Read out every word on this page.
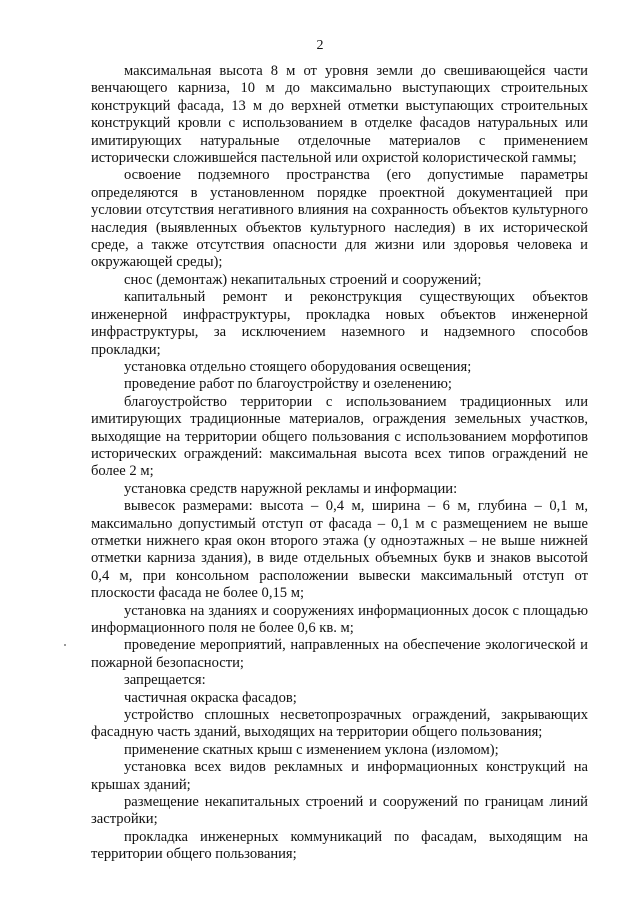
2

максимальная высота 8 м от уровня земли до свешивающейся части венчающего карниза, 10 м до максимально выступающих строительных конструкций фасада, 13 м до верхней отметки выступающих строительных конструкций кровли с использованием в отделке фасадов натуральных или имитирующих натуральные отделочные материалов с применением исторически сложившейся пастельной или охристой колористической гаммы;

освоение подземного пространства (его допустимые параметры определяются в установленном порядке проектной документацией при условии отсутствия негативного влияния на сохранность объектов культурного наследия (выявленных объектов культурного наследия) в их исторической среде, а также отсутствия опасности для жизни или здоровья человека и окружающей среды);

снос (демонтаж) некапитальных строений и сооружений;

капитальный ремонт и реконструкция существующих объектов инженерной инфраструктуры, прокладка новых объектов инженерной инфраструктуры, за исключением наземного и надземного способов прокладки;

установка отдельно стоящего оборудования освещения;

проведение работ по благоустройству и озеленению;

благоустройство территории с использованием традиционных или имитирующих традиционные материалов, ограждения земельных участков, выходящие на территории общего пользования с использованием морфотипов исторических ограждений: максимальная высота всех типов ограждений не более 2 м;

установка средств наружной рекламы и информации:

вывесок размерами: высота – 0,4 м, ширина – 6 м, глубина – 0,1 м, максимально допустимый отступ от фасада – 0,1 м с размещением не выше отметки нижнего края окон второго этажа (у одноэтажных – не выше нижней отметки карниза здания), в виде отдельных объемных букв и знаков высотой 0,4 м, при консольном расположении вывески максимальный отступ от плоскости фасада не более 0,15 м;

установка на зданиях и сооружениях информационных досок с площадью информационного поля не более 0,6 кв. м;

проведение мероприятий, направленных на обеспечение экологической и пожарной безопасности;

запрещается:

частичная окраска фасадов;

устройство сплошных несветопрозрачных ограждений, закрывающих фасадную часть зданий, выходящих на территории общего пользования;

применение скатных крыш с изменением уклона (изломом);

установка всех видов рекламных и информационных конструкций на крышах зданий;

размещение некапитальных строений и сооружений по границам линий застройки;

прокладка инженерных коммуникаций по фасадам, выходящим на территории общего пользования;
